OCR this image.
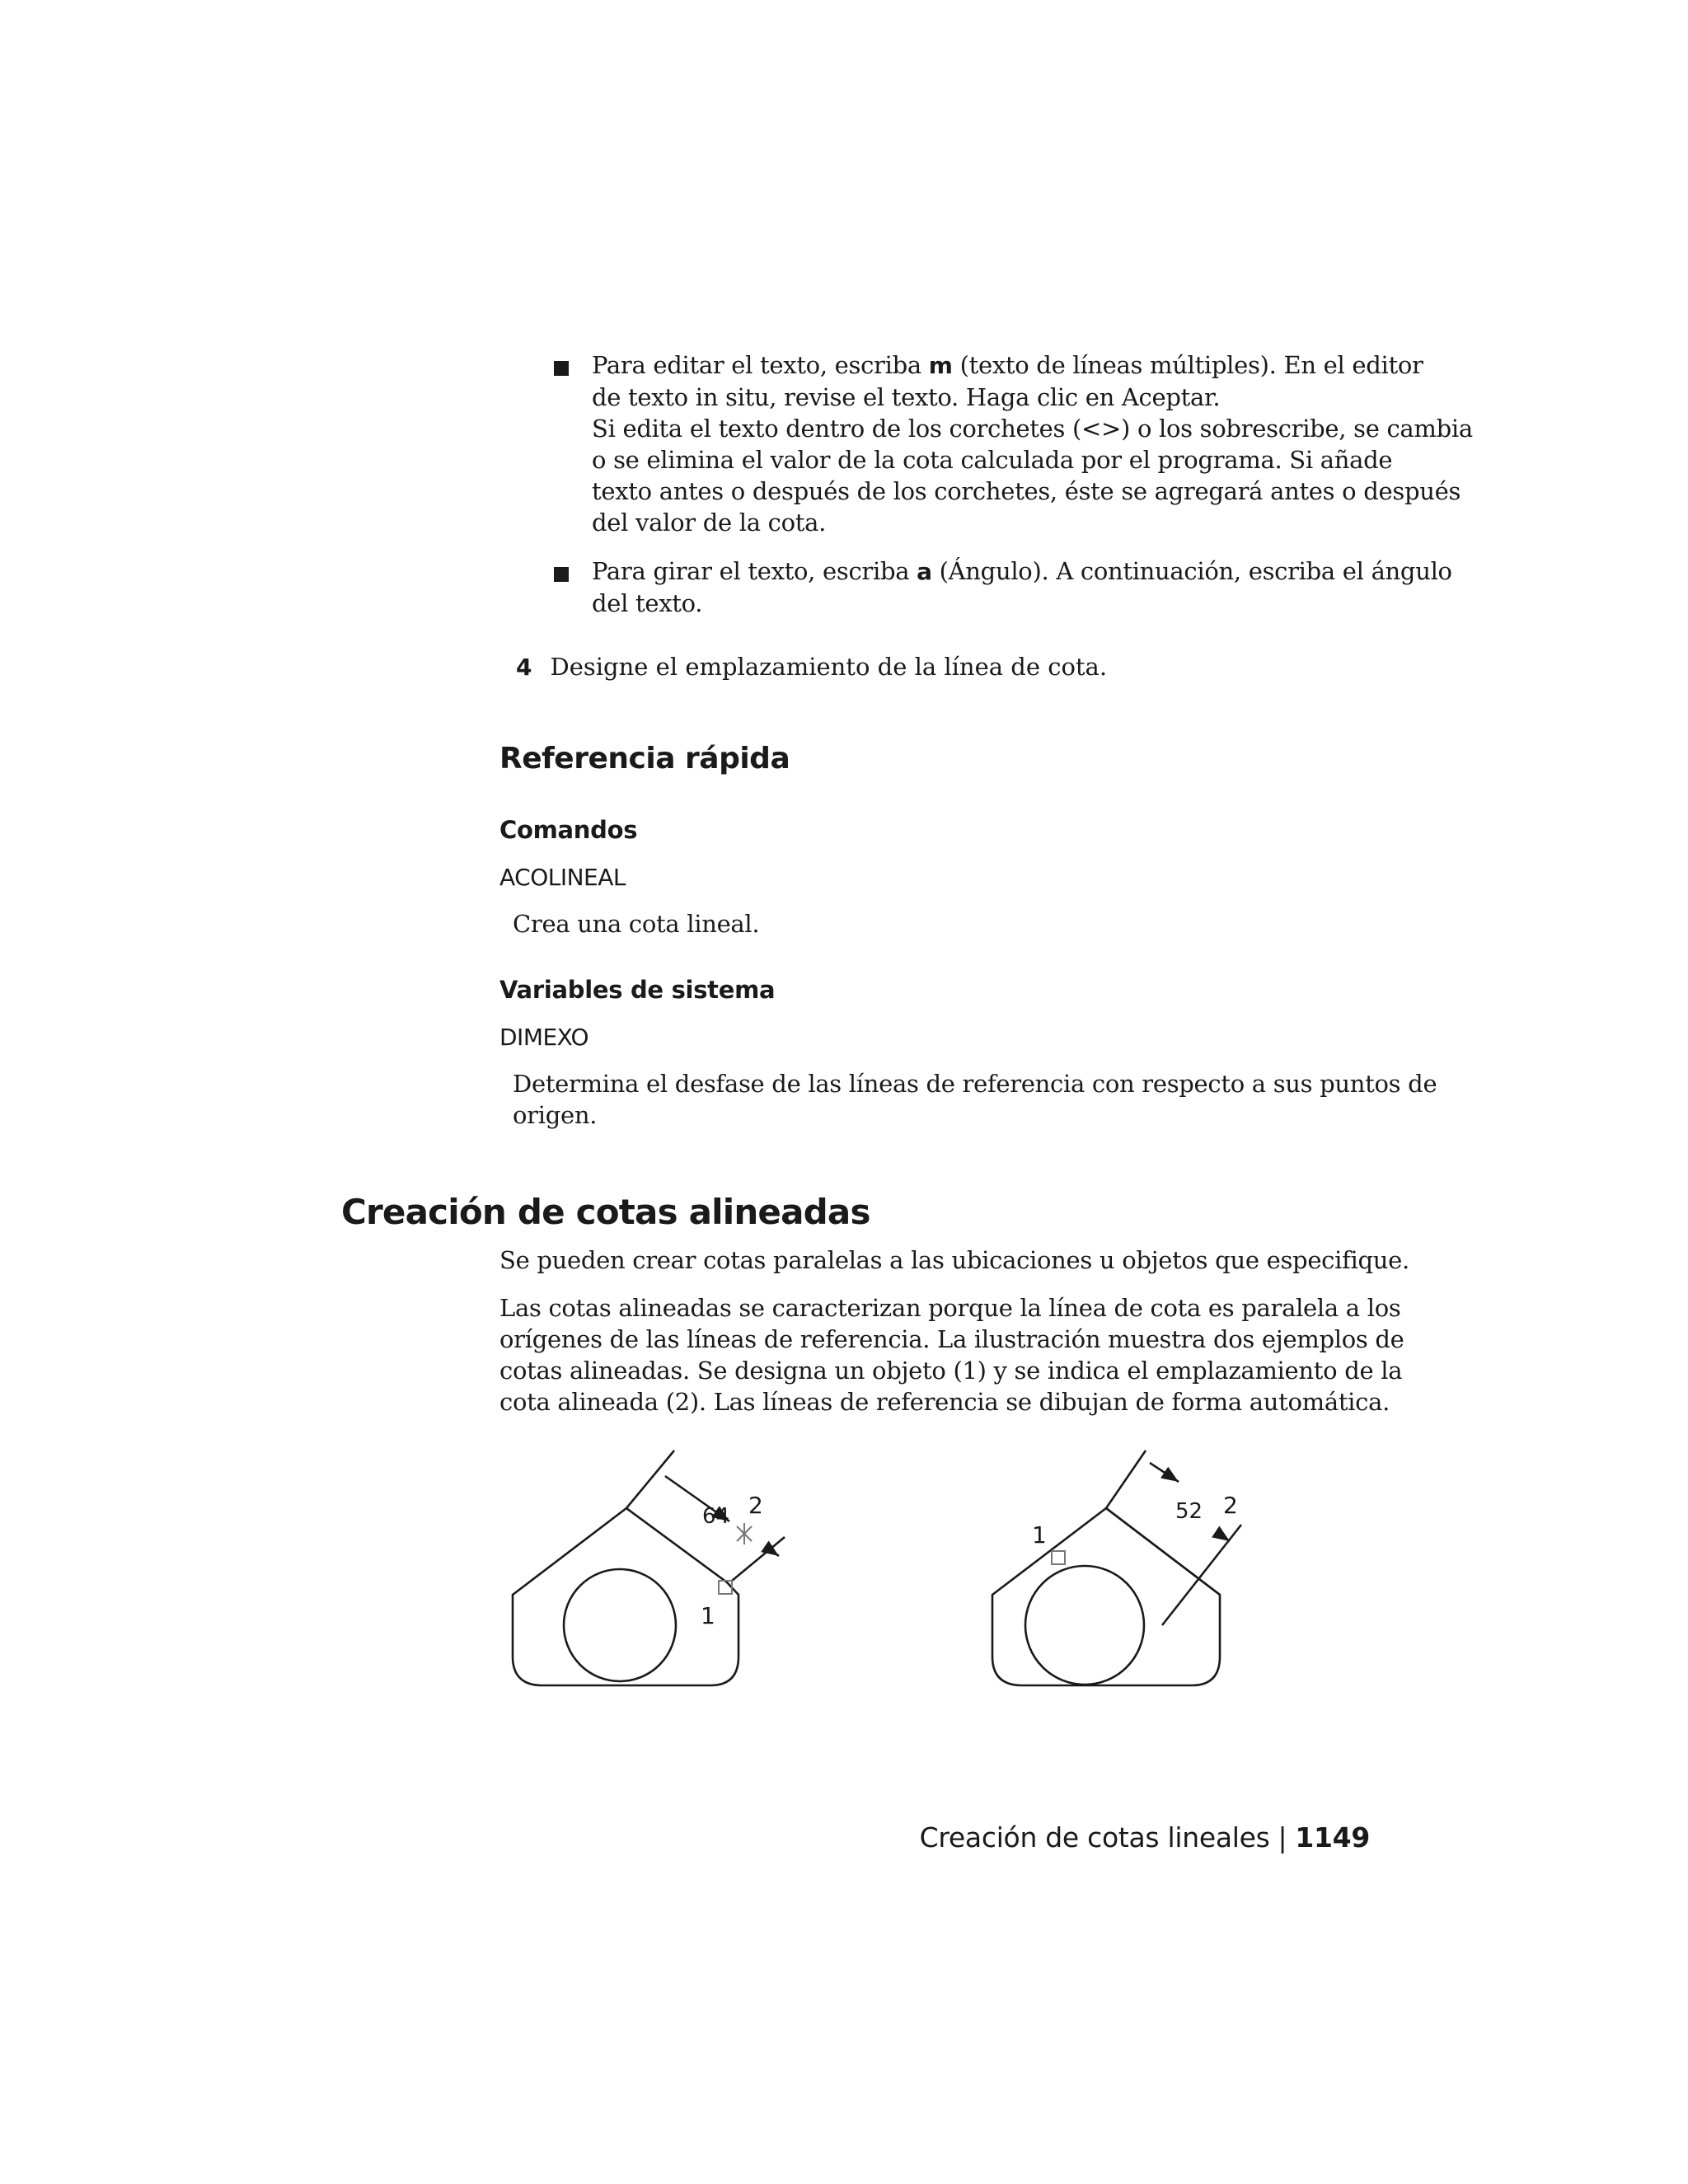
Para editar el texto, escriba m (texto de líneas múltiples). En el editor
de texto in situ, revise el texto. Haga clic en Aceptar.
Si edita el texto dentro de los corchetes (<>) o los sobrescribe, se cambia
o se elimina el valor de la cota calculada por el programa. Si añade
texto antes o después de los corchetes, éste se agregará antes o después
del valor de la cota.
Para girar el texto, escriba a (Ángulo). A continuación, escriba el ángulo
del texto.
4 Designe el emplazamiento de la línea de cota.
Referencia rápida
Comandos
ACOLINEAL
Crea una cota lineal.
Variables de sistema
DIMEXO
Determina el desfase de las líneas de referencia con respecto a sus puntos de
origen.
Creación de cotas alineadas
Se pueden crear cotas paralelas a las ubicaciones u objetos que especifique.
Las cotas alineadas se caracterizan porque la línea de cota es paralela a los
orígenes de las líneas de referencia. La ilustración muestra dos ejemplos de
cotas alineadas. Se designa un objeto (1) y se indica el emplazamiento de la
cota alineada (2). Las líneas de referencia se dibujan de forma automática.
64 2
1
52 2
1
Creación de cotas lineales | 1149
